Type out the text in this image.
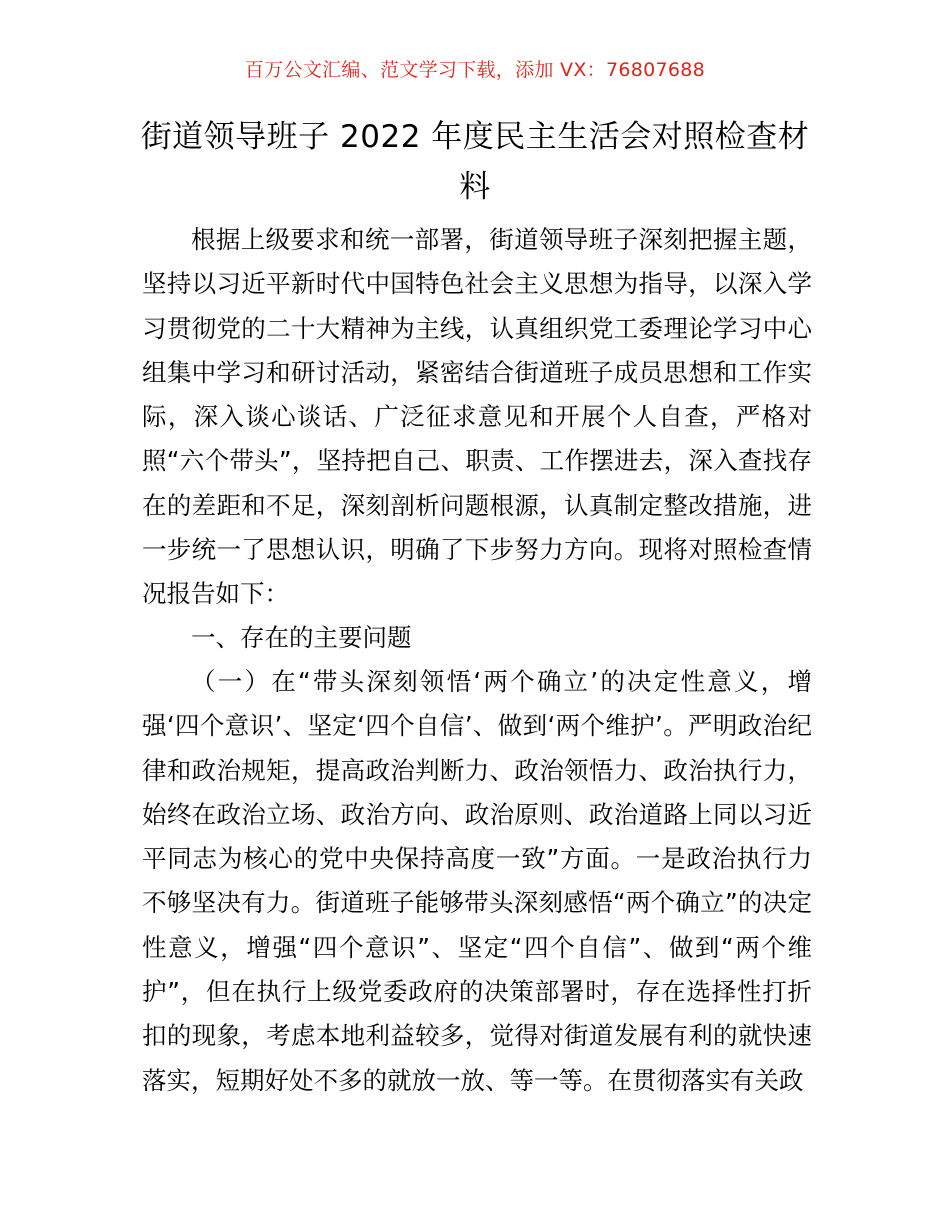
百万公文汇编、范文学习下载，添加 VX：76807688
街道领导班子 2022 年度民主生活会对照检查材料

根据上级要求和统一部署，街道领导班子深刻把握主题，坚持以习近平新时代中国特色社会主义思想为指导，以深入学习贯彻党的二十大精神为主线，认真组织党工委理论学习中心组集中学习和研讨活动，紧密结合街道班子成员思想和工作实际，深入谈心谈话、广泛征求意见和开展个人自查，严格对照“六个带头”，坚持把自己、职责、工作摆进去，深入查找存在的差距和不足，深刻剖析问题根源，认真制定整改措施，进一步统一了思想认识，明确了下步努力方向。现将对照检查情况报告如下：

一、存在的主要问题

（一）在“带头深刻领悟‘两个确立’的决定性意义，增强‘四个意识’、坚定‘四个自信’、做到‘两个维护’。严明政治纪律和政治规矩，提高政治判断力、政治领悟力、政治执行力，始终在政治立场、政治方向、政治原则、政治道路上同以习近平同志为核心的党中央保持高度一致”方面。一是政治执行力不够坚决有力。街道班子能够带头深刻感悟“两个确立”的决定性意义，增强“四个意识”、坚定“四个自信”、做到“两个维护”，但在执行上级党委政府的决策部署时，存在选择性打折扣的现象，考虑本地利益较多，觉得对街道发展有利的就快速落实，短期好处不多的就放一放、等一等。在贯彻落实有关政
